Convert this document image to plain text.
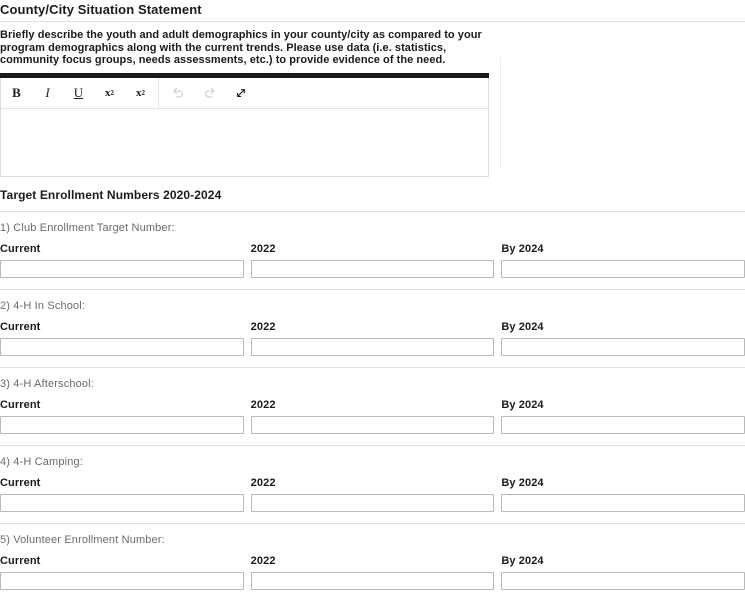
County/City Situation Statement
Briefly describe the youth and adult demographics in your county/city as compared to your program demographics along with the current trends. Please use data (i.e. statistics, community focus groups, needs assessments, etc.) to provide evidence of the need.
B	I	U	x 2 x 2
Target Enrollment Numbers 2020-2024
1) Club Enrollment Target Number:
Current	2022	By 2024
2) 4-H In School:
Current	2022	By 2024
3) 4-H Afterschool:
Current	2022	By 2024
4) 4-H Camping:
Current	2022	By 2024
5) Volunteer Enrollment Number:
Current	2022	By 2024
